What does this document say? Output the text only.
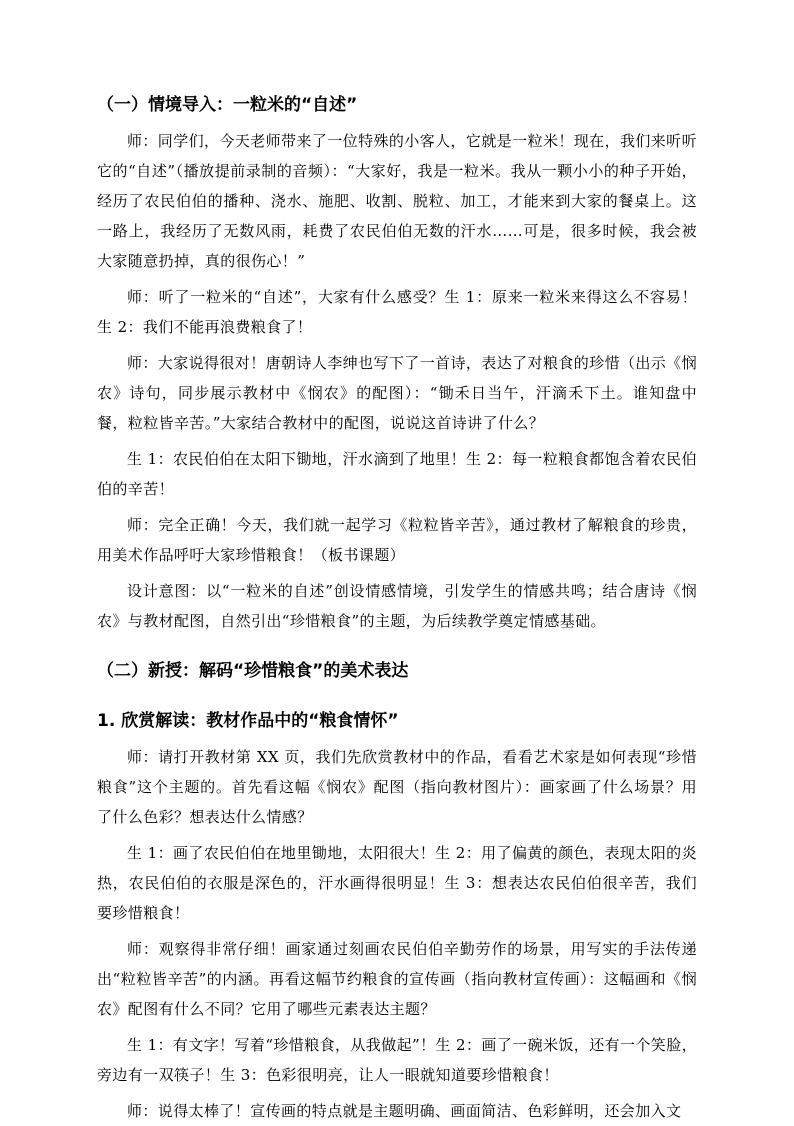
（一）情境导入：一粒米的“自述”

师：同学们，今天老师带来了一位特殊的小客人，它就是一粒米！现在，我们来听听它的“自述”（播放提前录制的音频）：“大家好，我是一粒米。我从一颗小小的种子开始，经历了农民伯伯的播种、浇水、施肥、收割、脱粒、加工，才能来到大家的餐桌上。这一路上，我经历了无数风雨，耗费了农民伯伯无数的汗水……可是，很多时候，我会被大家随意扔掉，真的很伤心！”

师：听了一粒米的“自述”，大家有什么感受？生 1：原来一粒米来得这么不容易！生 2：我们不能再浪费粮食了！

师：大家说得很对！唐朝诗人李绅也写下了一首诗，表达了对粮食的珍惜（出示《悯农》诗句，同步展示教材中《悯农》的配图）：“锄禾日当午，汗滴禾下土。谁知盘中餐，粒粒皆辛苦。”大家结合教材中的配图，说说这首诗讲了什么？

生 1：农民伯伯在太阳下锄地，汗水滴到了地里！生 2：每一粒粮食都饱含着农民伯伯的辛苦！

师：完全正确！今天，我们就一起学习《粒粒皆辛苦》，通过教材了解粮食的珍贵，用美术作品呼吁大家珍惜粮食！（板书课题）

设计意图：以“一粒米的自述”创设情感情境，引发学生的情感共鸣；结合唐诗《悯农》与教材配图，自然引出“珍惜粮食”的主题，为后续教学奠定情感基础。

（二）新授：解码“珍惜粮食”的美术表达
1. 欣赏解读：教材作品中的“粮食情怀”

师：请打开教材第 XX 页，我们先欣赏教材中的作品，看看艺术家是如何表现“珍惜粮食”这个主题的。首先看这幅《悯农》配图（指向教材图片）：画家画了什么场景？用了什么色彩？想表达什么情感？

生 1：画了农民伯伯在地里锄地，太阳很大！生 2：用了偏黄的颜色，表现太阳的炎热，农民伯伯的衣服是深色的，汗水画得很明显！生 3：想表达农民伯伯很辛苦，我们要珍惜粮食！

师：观察得非常仔细！画家通过刻画农民伯伯辛勤劳作的场景，用写实的手法传递出“粒粒皆辛苦”的内涵。再看这幅节约粮食的宣传画（指向教材宣传画）：这幅画和《悯农》配图有什么不同？它用了哪些元素表达主题？

生 1：有文字！写着“珍惜粮食，从我做起”！生 2：画了一碗米饭，还有一个笑脸，旁边有一双筷子！生 3：色彩很明亮，让人一眼就知道要珍惜粮食！

师：说得太棒了！宣传画的特点就是主题明确、画面简洁、色彩鲜明，还会加入文
